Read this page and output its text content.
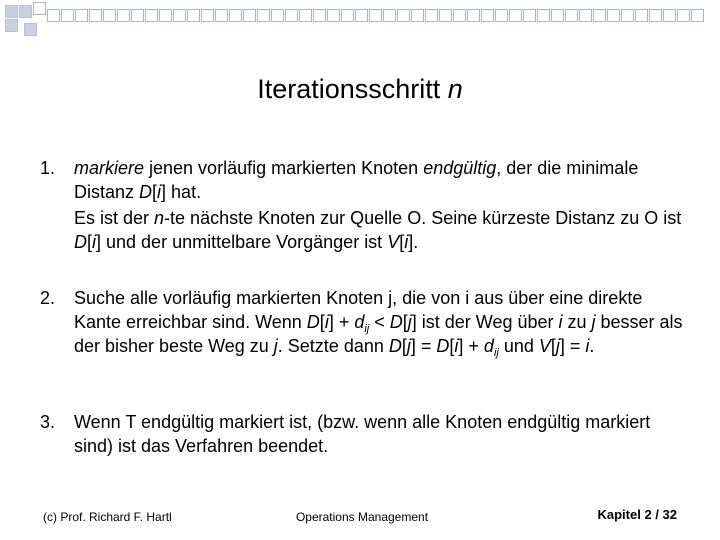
Iterationsschritt n
1. markiere jenen vorläufig markierten Knoten endgültig, der die minimale Distanz D[i] hat.

Es ist der n-te nächste Knoten zur Quelle O. Seine kürzeste Distanz zu O ist D[i] und der unmittelbare Vorgänger ist V[i].

2. Suche alle vorläufig markierten Knoten j, die von i aus über eine direkte Kante erreichbar sind. Wenn $D[i] + d_{ij} < D[j]$ ist der Weg über i zu j besser als der bisher beste Weg zu j. Setzte dann $D[j] = D[i] + d_{ij}$ und V[j] = i.

3. Wenn T endgültig markiert ist, (bzw. wenn alle Knoten endgültig markiert sind) ist das Verfahren beendet.

(c) Prof. Richard F. Hartl	Operations Management	Kapitel 2 / 32
